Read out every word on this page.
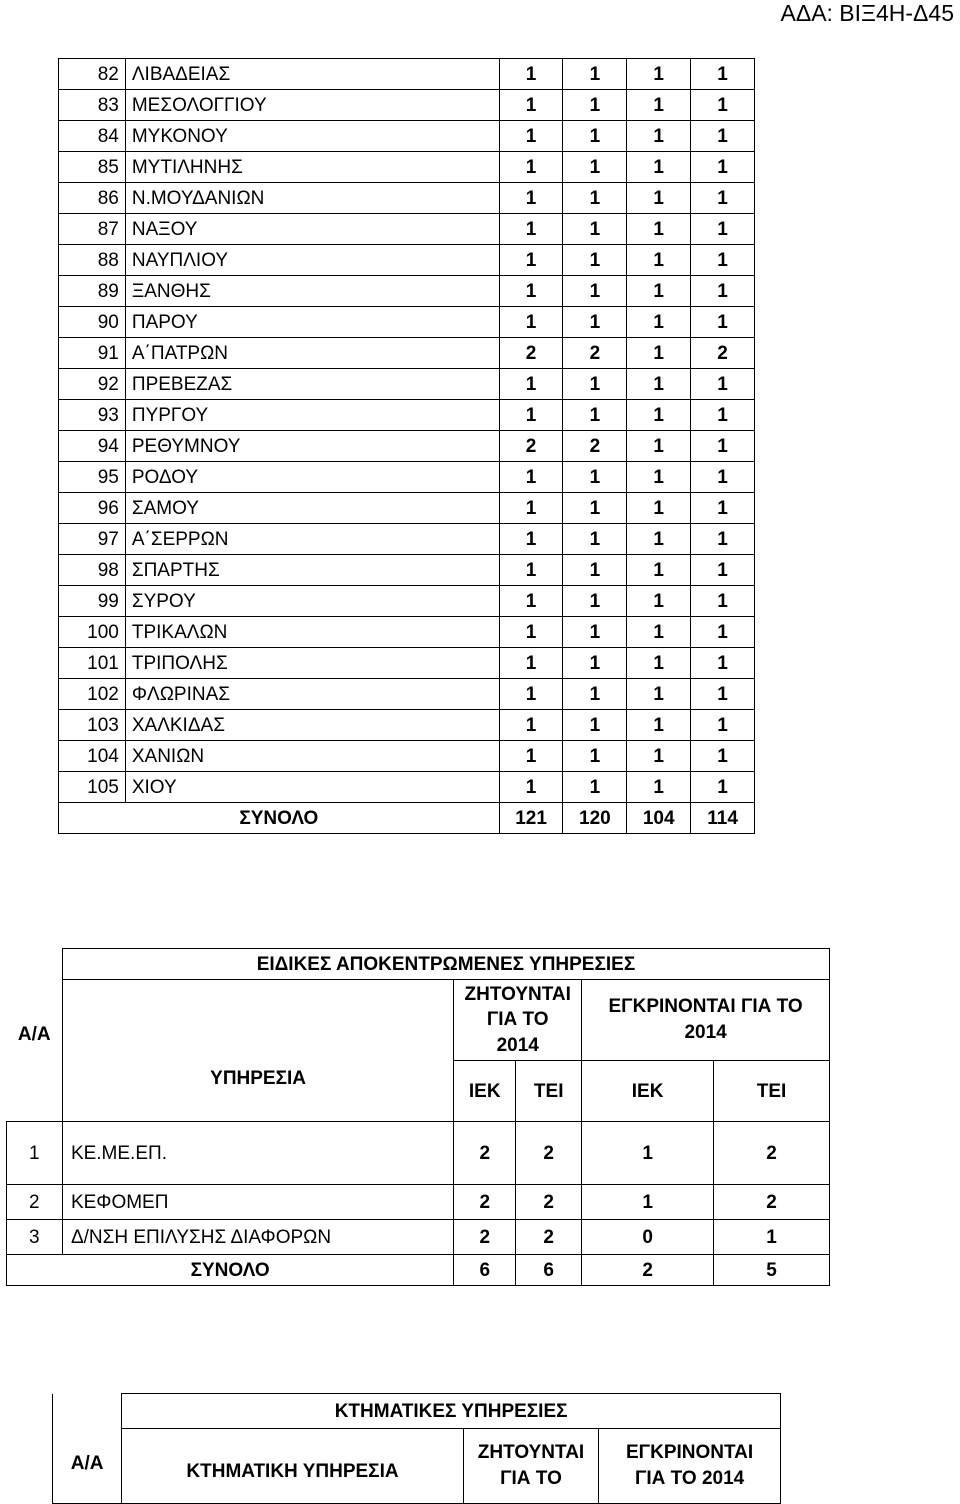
ΑΔΑ: ΒΙΞ4Η-Δ45
82	ΛΙΒΑΔΕΙΑΣ	1	1	1	1
83	ΜΕΣΟΛΟΓΓΙΟΥ	1	1	1	1
84	ΜΥΚΟΝΟΥ	1	1	1	1
85	ΜΥΤΙΛΗΝΗΣ	1	1	1	1
86	Ν.ΜΟΥΔΑΝΙΩΝ	1	1	1	1
87	ΝΑΞΟΥ	1	1	1	1
88	ΝΑΥΠΛΙΟΥ	1	1	1	1
89	ΞΑΝΘΗΣ	1	1	1	1
90	ΠΑΡΟΥ	1	1	1	1
91	Α΄ΠΑΤΡΩΝ	2	2	1	2
92	ΠΡΕΒΕΖΑΣ	1	1	1	1
93	ΠΥΡΓΟΥ	1	1	1	1
94	ΡΕΘΥΜΝΟΥ	2	2	1	1
95	ΡΟΔΟΥ	1	1	1	1
96	ΣΑΜΟΥ	1	1	1	1
97	Α΄ΣΕΡΡΩΝ	1	1	1	1
98	ΣΠΑΡΤΗΣ	1	1	1	1
99	ΣΥΡΟΥ	1	1	1	1
100	ΤΡΙΚΑΛΩΝ	1	1	1	1
101	ΤΡΙΠΟΛΗΣ	1	1	1	1
102	ΦΛΩΡΙΝΑΣ	1	1	1	1
103	ΧΑΛΚΙΔΑΣ	1	1	1	1
104	ΧΑΝΙΩΝ	1	1	1	1
105	ΧΙΟΥ	1	1	1	1
ΣΥΝΟΛΟ		121	120	104	114
Α/Α	ΕΙΔΙΚΕΣ ΑΠΟΚΕΝΤΡΩΜΕΝΕΣ ΥΠΗΡΕΣΙΕΣ				
	ΥΠΗΡΕΣΙΑ	ΖΗΤΟΥΝΤΑΙ ΓΙΑ ΤΟ 2014		ΕΓΚΡΙΝΟΝΤΑΙ ΓΙΑ ΤΟ 2014	
		ΙΕΚ	ΤΕΙ	ΙΕΚ	ΤΕΙ
1	ΚΕ.ΜΕ.ΕΠ.	2	2	1	2
2	ΚΕΦΟΜΕΠ	2	2	1	2
3	Δ/ΝΣΗ ΕΠΙΛΥΣΗΣ ΔΙΑΦΟΡΩΝ	2	2	0	1
ΣΥΝΟΛΟ		6	6	2	5
Α/Α	ΚΤΗΜΑΤΙΚΕΣ ΥΠΗΡΕΣΙΕΣ		
	ΚΤΗΜΑΤΙΚΗ ΥΠΗΡΕΣΙΑ	ΖΗΤΟΥΝΤΑΙ ΓΙΑ ΤΟ	ΕΓΚΡΙΝΟΝΤΑΙ ΓΙΑ ΤΟ 2014
